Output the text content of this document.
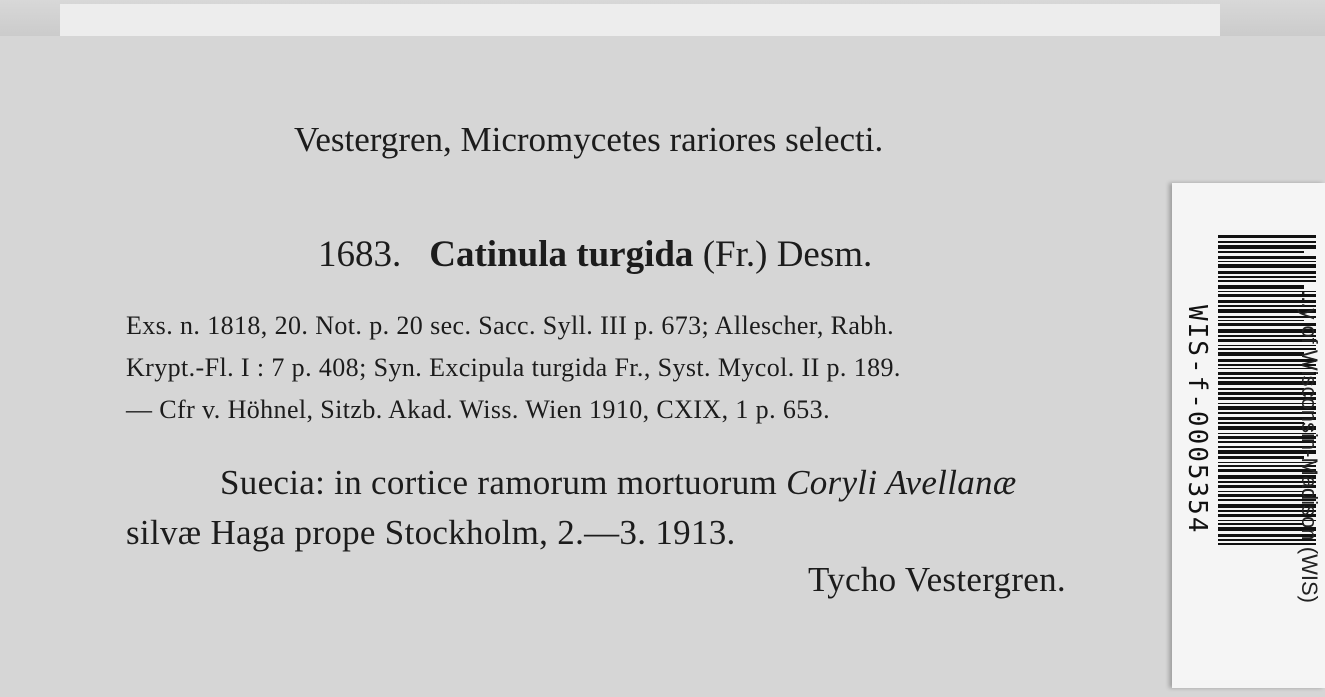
Vestergren, Micromycetes rariores selecti.
1683. Catinula turgida (Fr.) Desm.
Exs. n. 1818, 20. Not. p. 20 sec. Sacc. Syll. III p. 673; Allescher, Rabh.
Krypt.-Fl. I : 7 p. 408; Syn. Excipula turgida Fr., Syst. Mycol. II p. 189.
— Cfr v. Höhnel, Sitzb. Akad. Wiss. Wien 1910, CXIX, 1 p. 653.
Suecia: in cortice ramorum mortuorum Coryli Avellanæ
silvæ Haga prope Stockholm, 2.—3. 1913.
Tycho Vestergren.
WIS-f-0005354	...y of Wisconsin-Madison (WIS)
